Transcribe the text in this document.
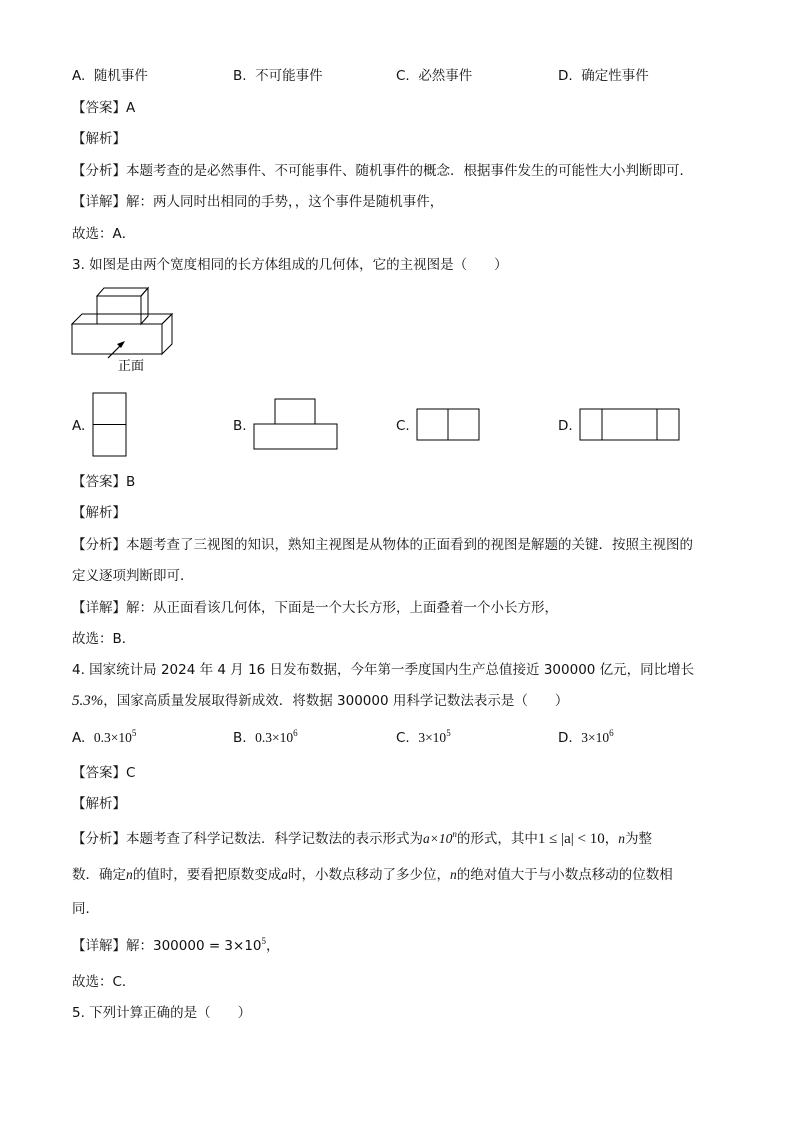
A. 随机事件	B. 不可能事件	C. 必然事件	D. 确定性事件
【答案】A
【解析】
【分析】本题考查的是必然事件、不可能事件、随机事件的概念．根据事件发生的可能性大小判断即可．
【详解】解：两人同时出相同的手势，，这个事件是随机事件，
故选：A．
3. 如图是由两个宽度相同的长方体组成的几何体，它的主视图是（　　）
正面
A.	B.	C.	D.
【答案】B
【解析】
【分析】本题考查了三视图的知识，熟知主视图是从物体的正面看到的视图是解题的关键．按照主视图的
定义逐项判断即可．
【详解】解：从正面看该几何体，下面是一个大长方形，上面叠着一个小长方形，
故选：B．
4. 国家统计局 2024 年 4 月 16 日发布数据，今年第一季度国内生产总值接近 300000 亿元，同比增长
5.3%，国家高质量发展取得新成效．将数据 300000 用科学记数法表示是（　　）
A. $0.3\times 10^5$	B. $0.3\times 10^6$	C. $3\times 10^5$	D. $3\times 10^6$
【答案】C
【解析】
【分析】本题考查了科学记数法．科学记数法的表示形式为$a\times 10^n$的形式，其中1 ≤ |a| < 10，n为整
数．确定n的值时，要看把原数变成a时，小数点移动了多少位，n的绝对值大于与小数点移动的位数相
同．
【详解】解：$300000 = 3\times 10^5$，
故选：C．
5. 下列计算正确的是（　　）
